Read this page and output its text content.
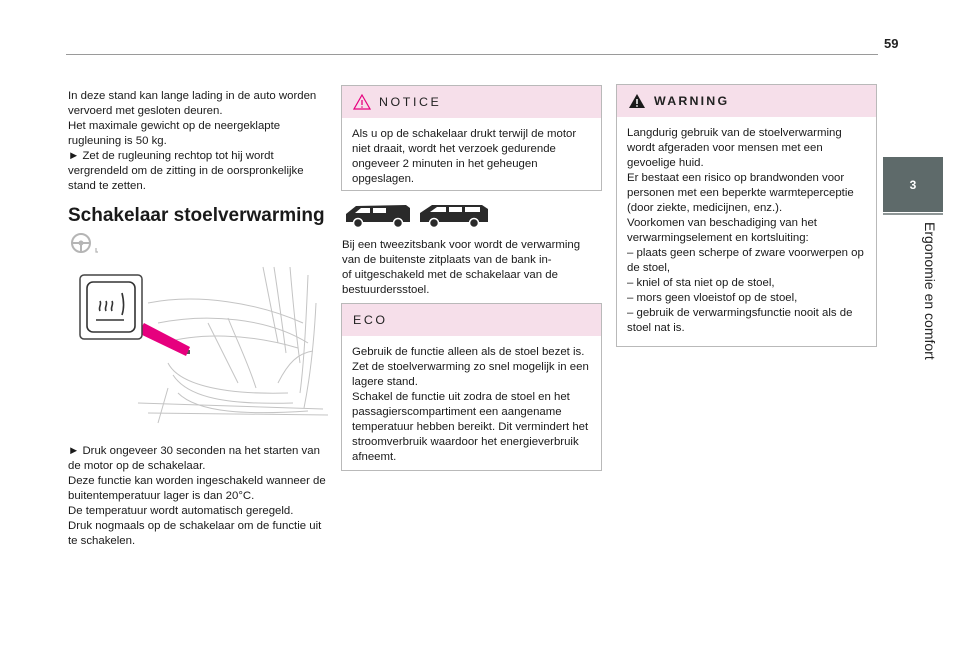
59
3
Ergonomie en comfort
In deze stand kan lange lading in de auto worden
vervoerd met gesloten deuren.
Het maximale gewicht op de neergeklapte
rugleuning is 50 kg.
► Zet de rugleuning rechtop tot hij wordt
vergrendeld om de zitting in de oorspronkelijke
stand te zetten.
Schakelaar stoelverwarming
► Druk ongeveer 30 seconden na het starten van
de motor op de schakelaar.
Deze functie kan worden ingeschakeld wanneer de
buitentemperatuur lager is dan 20°C.
De temperatuur wordt automatisch geregeld.
Druk nogmaals op de schakelaar om de functie uit
te schakelen.
NOTICE
Als u op de schakelaar drukt terwijl de motor
niet draait, wordt het verzoek gedurende
ongeveer 2 minuten in het geheugen
opgeslagen.
Bij een tweezitsbank voor wordt de verwarming
van de buitenste zitplaats van de bank in-
of uitgeschakeld met de schakelaar van de
bestuurdersstoel.
ECO
Gebruik de functie alleen als de stoel bezet is.
Zet de stoelverwarming zo snel mogelijk in een
lagere stand.
Schakel de functie uit zodra de stoel en het
passagierscompartiment een aangename
temperatuur hebben bereikt. Dit vermindert het
stroomverbruik waardoor het energieverbruik
afneemt.
WARNING
Langdurig gebruik van de stoelverwarming
wordt afgeraden voor mensen met een
gevoelige huid.
Er bestaat een risico op brandwonden voor
personen met een beperkte warmteperceptie
(door ziekte, medicijnen, enz.).
Voorkomen van beschadiging van het
verwarmingselement en kortsluiting:
– plaats geen scherpe of zware voorwerpen op
de stoel,
– kniel of sta niet op de stoel,
– mors geen vloeistof op de stoel,
– gebruik de verwarmingsfunctie nooit als de
stoel nat is.
